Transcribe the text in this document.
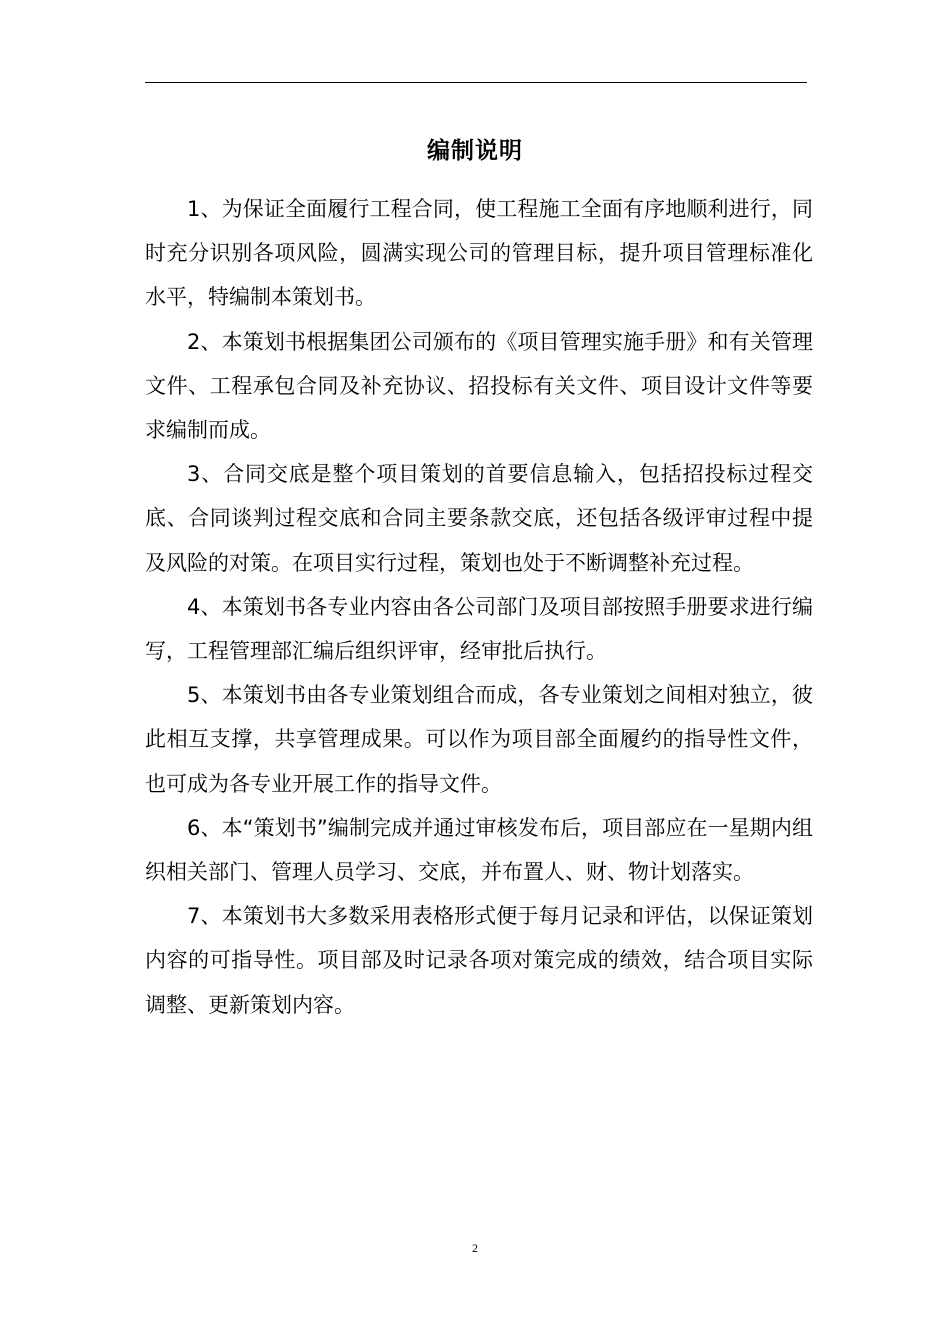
编制说明

1、为保证全面履行工程合同，使工程施工全面有序地顺利进行，同时充分识别各项风险，圆满实现公司的管理目标，提升项目管理标准化水平，特编制本策划书。

2、本策划书根据集团公司颁布的《项目管理实施手册》和有关管理文件、工程承包合同及补充协议、招投标有关文件、项目设计文件等要求编制而成。

3、合同交底是整个项目策划的首要信息输入，包括招投标过程交底、合同谈判过程交底和合同主要条款交底，还包括各级评审过程中提及风险的对策。在项目实行过程，策划也处于不断调整补充过程。

4、本策划书各专业内容由各公司部门及项目部按照手册要求进行编写，工程管理部汇编后组织评审，经审批后执行。

5、本策划书由各专业策划组合而成，各专业策划之间相对独立，彼此相互支撑，共享管理成果。可以作为项目部全面履约的指导性文件，也可成为各专业开展工作的指导文件。

6、本“策划书”编制完成并通过审核发布后，项目部应在一星期内组织相关部门、管理人员学习、交底，并布置人、财、物计划落实。

7、本策划书大多数采用表格形式便于每月记录和评估，以保证策划内容的可指导性。项目部及时记录各项对策完成的绩效，结合项目实际调整、更新策划内容。

2
